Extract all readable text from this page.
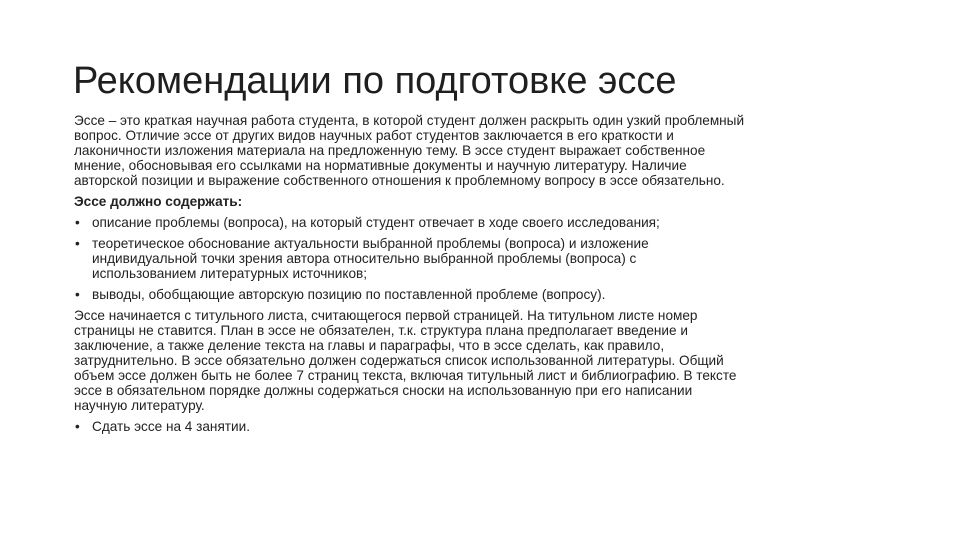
Рекомендации по подготовке эссе
Эссе – это краткая научная работа студента, в которой студент должен раскрыть один узкий проблемный
вопрос. Отличие эссе от других видов научных работ студентов заключается в его краткости и
лаконичности изложения материала на предложенную тему. В эссе студент выражает собственное
мнение, обосновывая его ссылками на нормативные документы и научную литературу. Наличие
авторской позиции и выражение собственного отношения к проблемному вопросу в эссе обязательно.
Эссе должно содержать:
• описание проблемы (вопроса), на который студент отвечает в ходе своего исследования;
• теоретическое обоснование актуальности выбранной проблемы (вопроса) и изложение
индивидуальной точки зрения автора относительно выбранной проблемы (вопроса) с
использованием литературных источников;
• выводы, обобщающие авторскую позицию по поставленной проблеме (вопросу).
Эссе начинается с титульного листа, считающегося первой страницей. На титульном листе номер
страницы не ставится. План в эссе не обязателен, т.к. структура плана предполагает введение и
заключение, а также деление текста на главы и параграфы, что в эссе сделать, как правило,
затруднительно. В эссе обязательно должен содержаться список использованной литературы. Общий
объем эссе должен быть не более 7 страниц текста, включая титульный лист и библиографию. В тексте
эссе в обязательном порядке должны содержаться сноски на использованную при его написании
научную литературу.
• Сдать эссе на 4 занятии.
